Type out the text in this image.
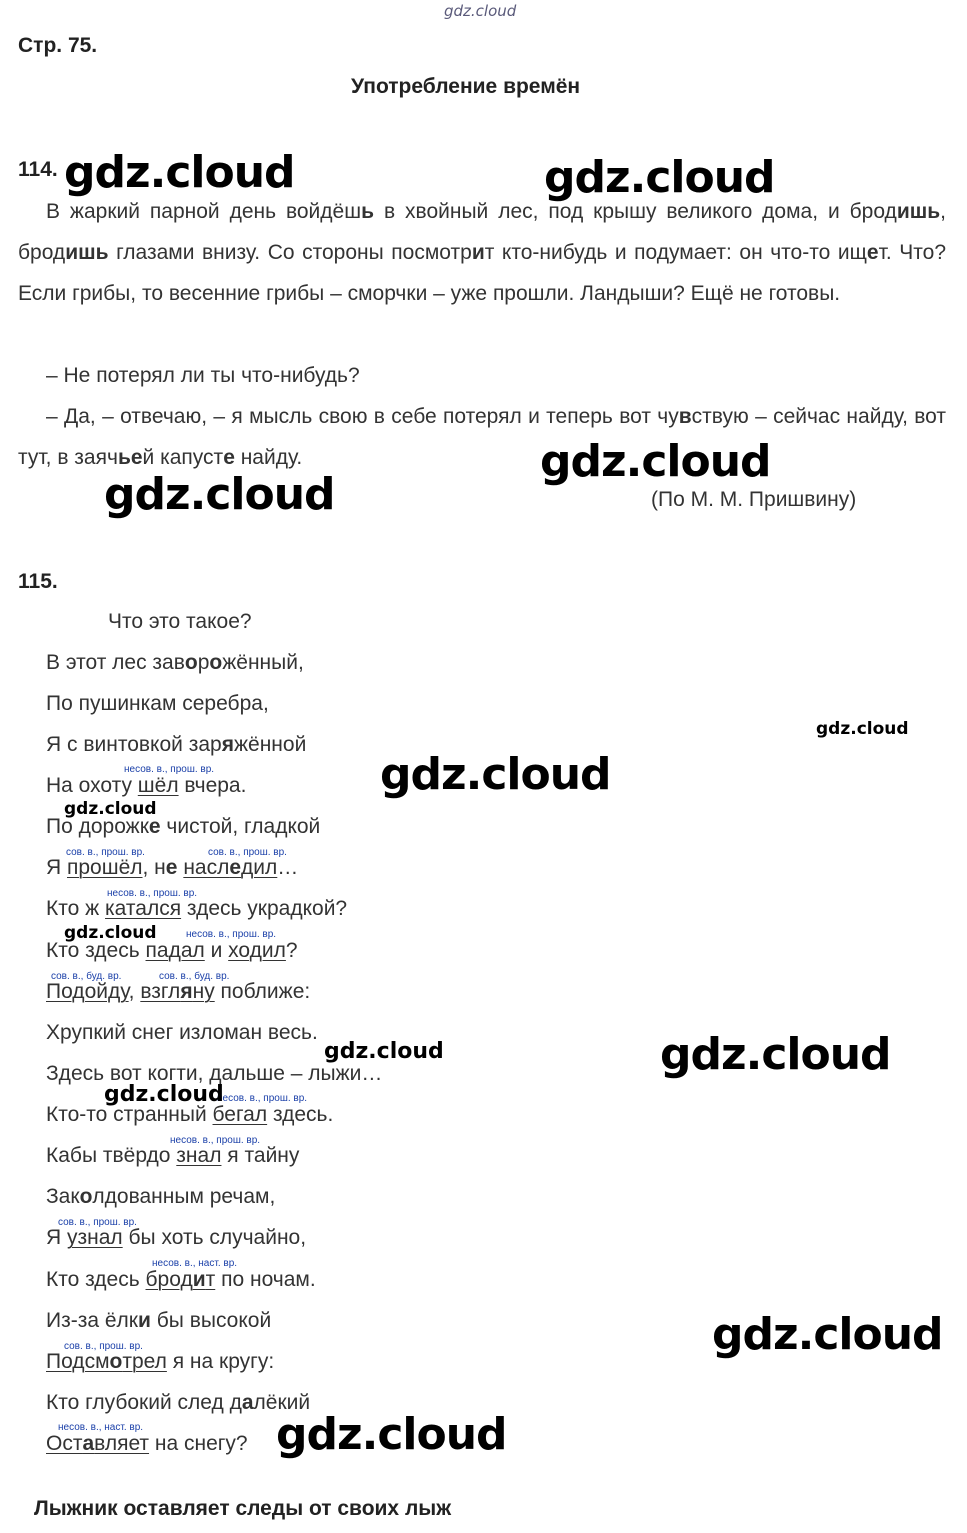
gdz.cloud
Стр. 75.
Употребление времён
114.
В жаркий парной день войдёшь в хвойный лес, под крышу великого дома, и бродишь, бродишь глазами внизу. Со стороны посмотрит кто-нибудь и подумает: он что-то ищет. Что? Если грибы, то весенние грибы – сморчки – уже прошли. Ландыши? Ещё не готовы.
– Не потерял ли ты что-нибудь?
– Да, – отвечаю, – я мысль свою в себе потерял и теперь вот чувствую – сейчас найду, вот тут, в заячьей капусте найду.
(По М. М. Пришвину)
115.
Что это такое?
В этот лес заворожённый,
По пушинкам серебра,
Я с винтовкой заряжённой
несов. в., прош. вр.
На охоту шёл вчера.
По дорожке чистой, гладкой
сов. в., прош. вр.	сов. в., прош. вр.
Я прошёл, не наследил…
несов. в., прош. вр.
Кто ж катался здесь украдкой?
несов. в., прош. вр.
Кто здесь падал и ходил?
сов. в., буд. вр.	сов. в., буд. вр.
Подойду, взгляну поближе:
Хрупкий снег изломан весь.
Здесь вот когти, дальше – лыжи…
несов. в., прош. вр.
Кто-то странный бегал здесь.
несов. в., прош. вр.
Кабы твёрдо знал я тайну
Заколдованным речам,
сов. в., прош. вр.
Я узнал бы хоть случайно,
несов. в., наст. вр.
Кто здесь бродит по ночам.
Из-за ёлки бы высокой
сов. в., прош. вр.
Подсмотрел я на кругу:
Кто глубокий след далёкий
несов. в., наст. вр.
Оставляет на снегу?
Лыжник оставляет следы от своих лыж
gdz.cloud	gdz.cloud
gdz.cloud
gdz.cloud
gdz.cloud
gdz.cloud
gdz.cloud
gdz.cloud
gdz.cloud
gdz.cloud
gdz.cloud
gdz.cloud
gdz.cloud
